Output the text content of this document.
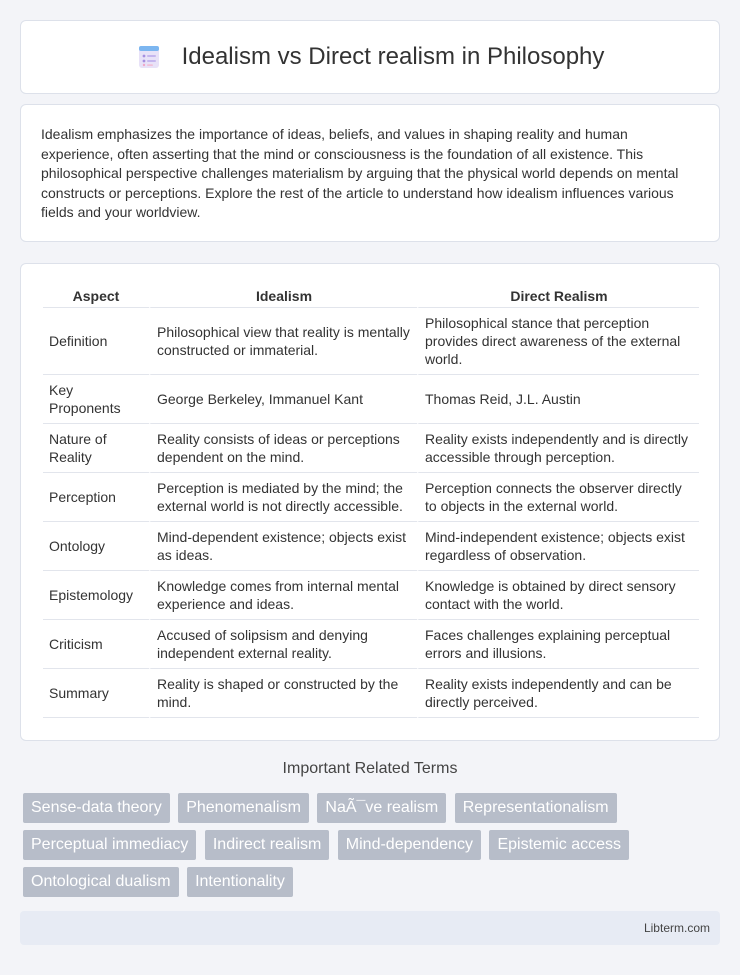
Idealism vs Direct realism in Philosophy

Idealism emphasizes the importance of ideas, beliefs, and values in shaping reality and human experience, often asserting that the mind or consciousness is the foundation of all existence. This philosophical perspective challenges materialism by arguing that the physical world depends on mental constructs or perceptions. Explore the rest of the article to understand how idealism influences various fields and your worldview.

Aspect	Idealism	Direct Realism
Definition	Philosophical view that reality is mentally constructed or immaterial.	Philosophical stance that perception provides direct awareness of the external world.
Key Proponents	George Berkeley, Immanuel Kant	Thomas Reid, J.L. Austin
Nature of Reality	Reality consists of ideas or perceptions dependent on the mind.	Reality exists independently and is directly accessible through perception.
Perception	Perception is mediated by the mind; the external world is not directly accessible.	Perception connects the observer directly to objects in the external world.
Ontology	Mind-dependent existence; objects exist as ideas.	Mind-independent existence; objects exist regardless of observation.
Epistemology	Knowledge comes from internal mental experience and ideas.	Knowledge is obtained by direct sensory contact with the world.
Criticism	Accused of solipsism and denying independent external reality.	Faces challenges explaining perceptual errors and illusions.
Summary	Reality is shaped or constructed by the mind.	Reality exists independently and can be directly perceived.
Important Related Terms
Sense-data theory Phenomenalism NaÃ¯ve realism Representationalism Perceptual immediacy Indirect realism Mind-dependency Epistemic access Ontological dualism Intentionality
Libterm.com
